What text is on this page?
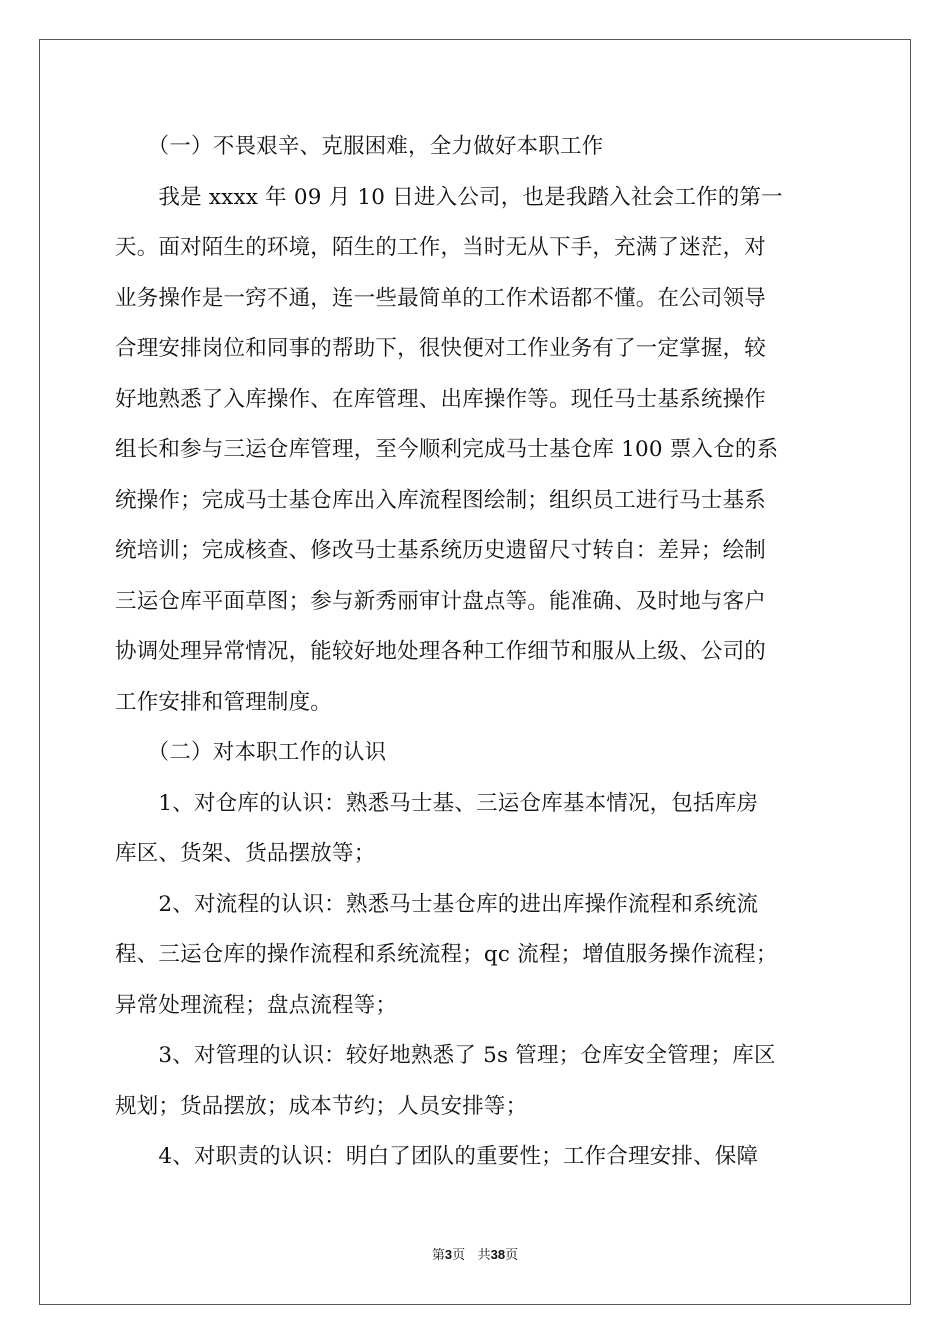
　　（一）不畏艰辛、克服困难，全力做好本职工作
　　我是 xxxx 年 09 月 10 日进入公司，也是我踏入社会工作的第一
天。面对陌生的环境，陌生的工作，当时无从下手，充满了迷茫，对
业务操作是一窍不通，连一些最简单的工作术语都不懂。在公司领导
合理安排岗位和同事的帮助下，很快便对工作业务有了一定掌握，较
好地熟悉了入库操作、在库管理、出库操作等。现任马士基系统操作
组长和参与三运仓库管理，至今顺利完成马士基仓库 100 票入仓的系
统操作；完成马士基仓库出入库流程图绘制；组织员工进行马士基系
统培训；完成核查、修改马士基系统历史遗留尺寸转自：差异；绘制
三运仓库平面草图；参与新秀丽审计盘点等。能准确、及时地与客户
协调处理异常情况，能较好地处理各种工作细节和服从上级、公司的
工作安排和管理制度。
　　（二）对本职工作的认识
　　1、对仓库的认识：熟悉马士基、三运仓库基本情况，包括库房
库区、货架、货品摆放等；
　　2、对流程的认识：熟悉马士基仓库的进出库操作流程和系统流
程、三运仓库的操作流程和系统流程；qc 流程；增值服务操作流程；
异常处理流程；盘点流程等；
　　3、对管理的认识：较好地熟悉了 5s 管理；仓库安全管理；库区
规划；货品摆放；成本节约；人员安排等；
　　4、对职责的认识：明白了团队的重要性；工作合理安排、保障
第3页 共38页
